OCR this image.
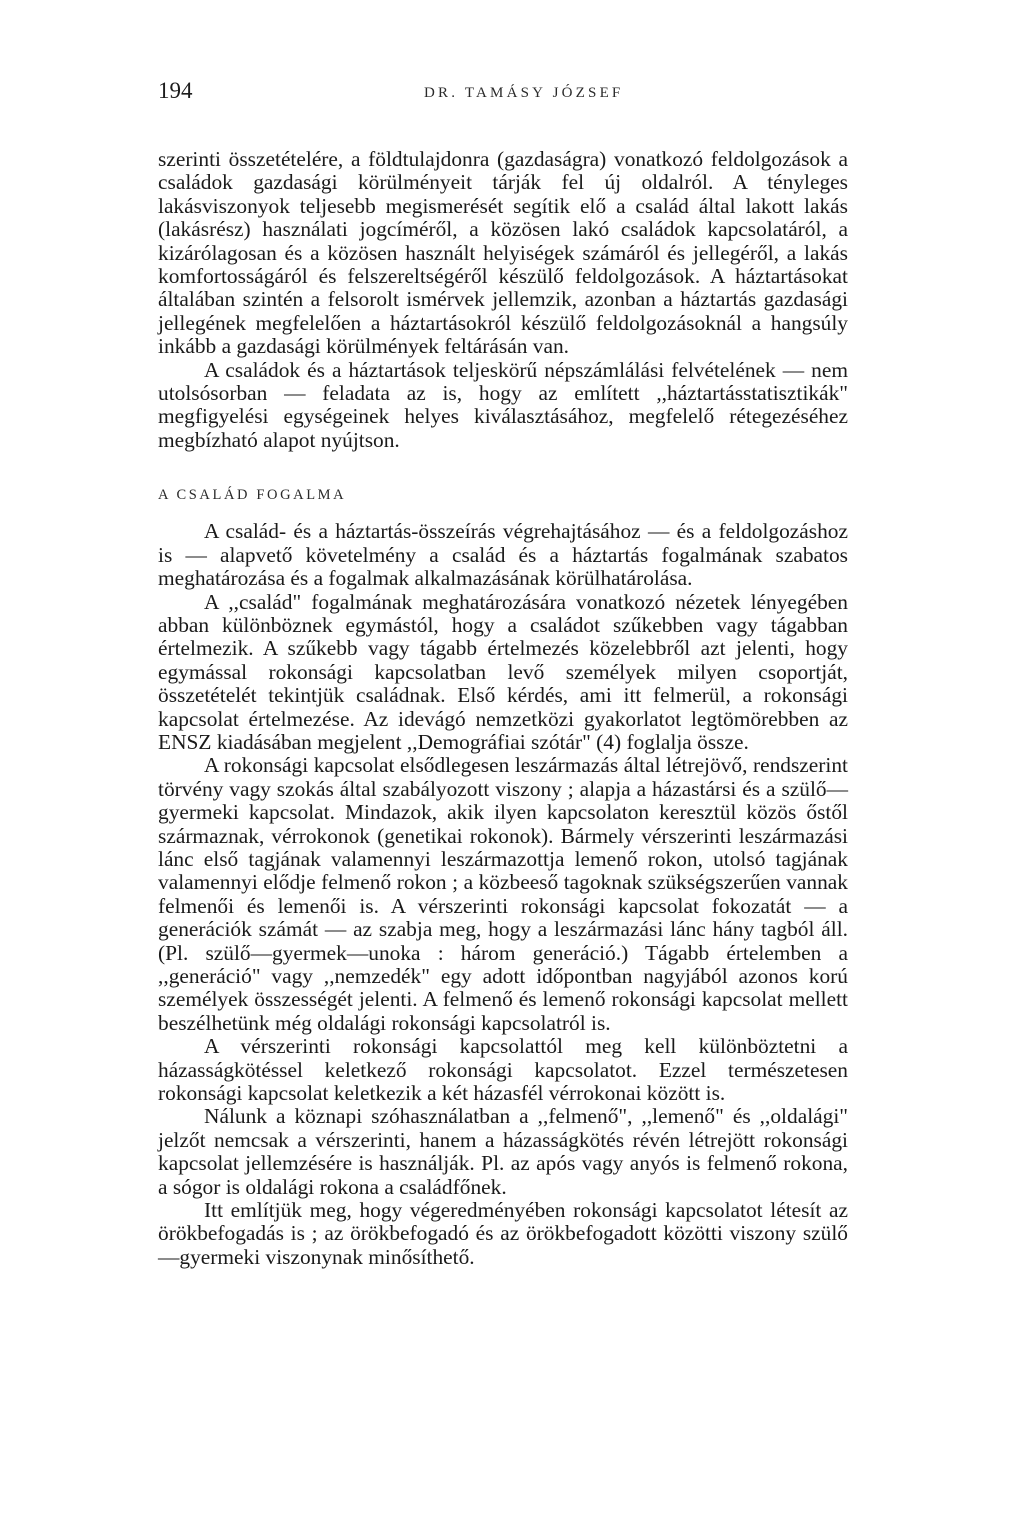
194	DR. TAMÁSY JÓZSEF

szerinti összetételére, a földtulajdonra (gazdaságra) vonatkozó feldolgozások a családok gazdasági körülményeit tárják fel új oldalról. A tényleges lakásviszonyok teljesebb megismerését segítik elő a család által lakott lakás (lakásrész) használati jogcíméről, a közösen lakó családok kapcsolatáról, a kizárólagosan és a közösen használt helyiségek számáról és jellegéről, a lakás komfortosságáról és felszereltségéről készülő feldolgozások. A háztartásokat általában szintén a felsorolt ismérvek jellemzik, azonban a háztartás gazdasági jellegének megfelelően a háztartásokról készülő feldolgozásoknál a hangsúly inkább a gazdasági körülmények feltárásán van.

A családok és a háztartások teljeskörű népszámlálási felvételének — nem utolsósorban — feladata az is, hogy az említett ,,háztartásstatisztikák" megfigyelési egységeinek helyes kiválasztásához, megfelelő rétegezéséhez megbízható alapot nyújtson.

A CSALÁD FOGALMA

A család- és a háztartás-összeírás végrehajtásához — és a feldolgozáshoz is — alapvető követelmény a család és a háztartás fogalmának szabatos meghatározása és a fogalmak alkalmazásának körülhatárolása.

A ,,család" fogalmának meghatározására vonatkozó nézetek lényegében abban különböznek egymástól, hogy a családot szűkebben vagy tágabban értelmezik. A szűkebb vagy tágabb értelmezés közelebbről azt jelenti, hogy egymással rokonsági kapcsolatban levő személyek milyen csoportját, összetételét tekintjük családnak. Első kérdés, ami itt felmerül, a rokonsági kapcsolat értelmezése. Az idevágó nemzetközi gyakorlatot legtömörebben az ENSZ kiadásában megjelent ,,Demográfiai szótár" (4) foglalja össze.

A rokonsági kapcsolat elsődlegesen leszármazás által létrejövő, rendszerint törvény vagy szokás által szabályozott viszony ; alapja a házastársi és a szülő—gyermeki kapcsolat. Mindazok, akik ilyen kapcsolaton keresztül közös őstől származnak, vérrokonok (genetikai rokonok). Bármely vérszerinti leszármazási lánc első tagjának valamennyi leszármazottja lemenő rokon, utolsó tagjának valamennyi elődje felmenő rokon ; a közbeeső tagoknak szükségszerűen vannak felmenői és lemenői is. A vérszerinti rokonsági kapcsolat fokozatát — a generációk számát — az szabja meg, hogy a leszármazási lánc hány tagból áll. (Pl. szülő—gyermek—unoka : három generáció.) Tágabb értelemben a ,,generáció" vagy ,,nemzedék" egy adott időpontban nagyjából azonos korú személyek összességét jelenti. A felmenő és lemenő rokonsági kapcsolat mellett beszélhetünk még oldalági rokonsági kapcsolatról is.

A vérszerinti rokonsági kapcsolattól meg kell különböztetni a házasságkötéssel keletkező rokonsági kapcsolatot. Ezzel természetesen rokonsági kapcsolat keletkezik a két házasfél vérrokonai között is.

Nálunk a köznapi szóhasználatban a ,,felmenő", ,,lemenő" és ,,oldalági" jelzőt nemcsak a vérszerinti, hanem a házasságkötés révén létrejött rokonsági kapcsolat jellemzésére is használják. Pl. az após vagy anyós is felmenő rokona, a sógor is oldalági rokona a családfőnek.

Itt említjük meg, hogy végeredményében rokonsági kapcsolatot létesít az örökbefogadás is ; az örökbefogadó és az örökbefogadott közötti viszony szülő—gyermeki viszonynak minősíthető.
